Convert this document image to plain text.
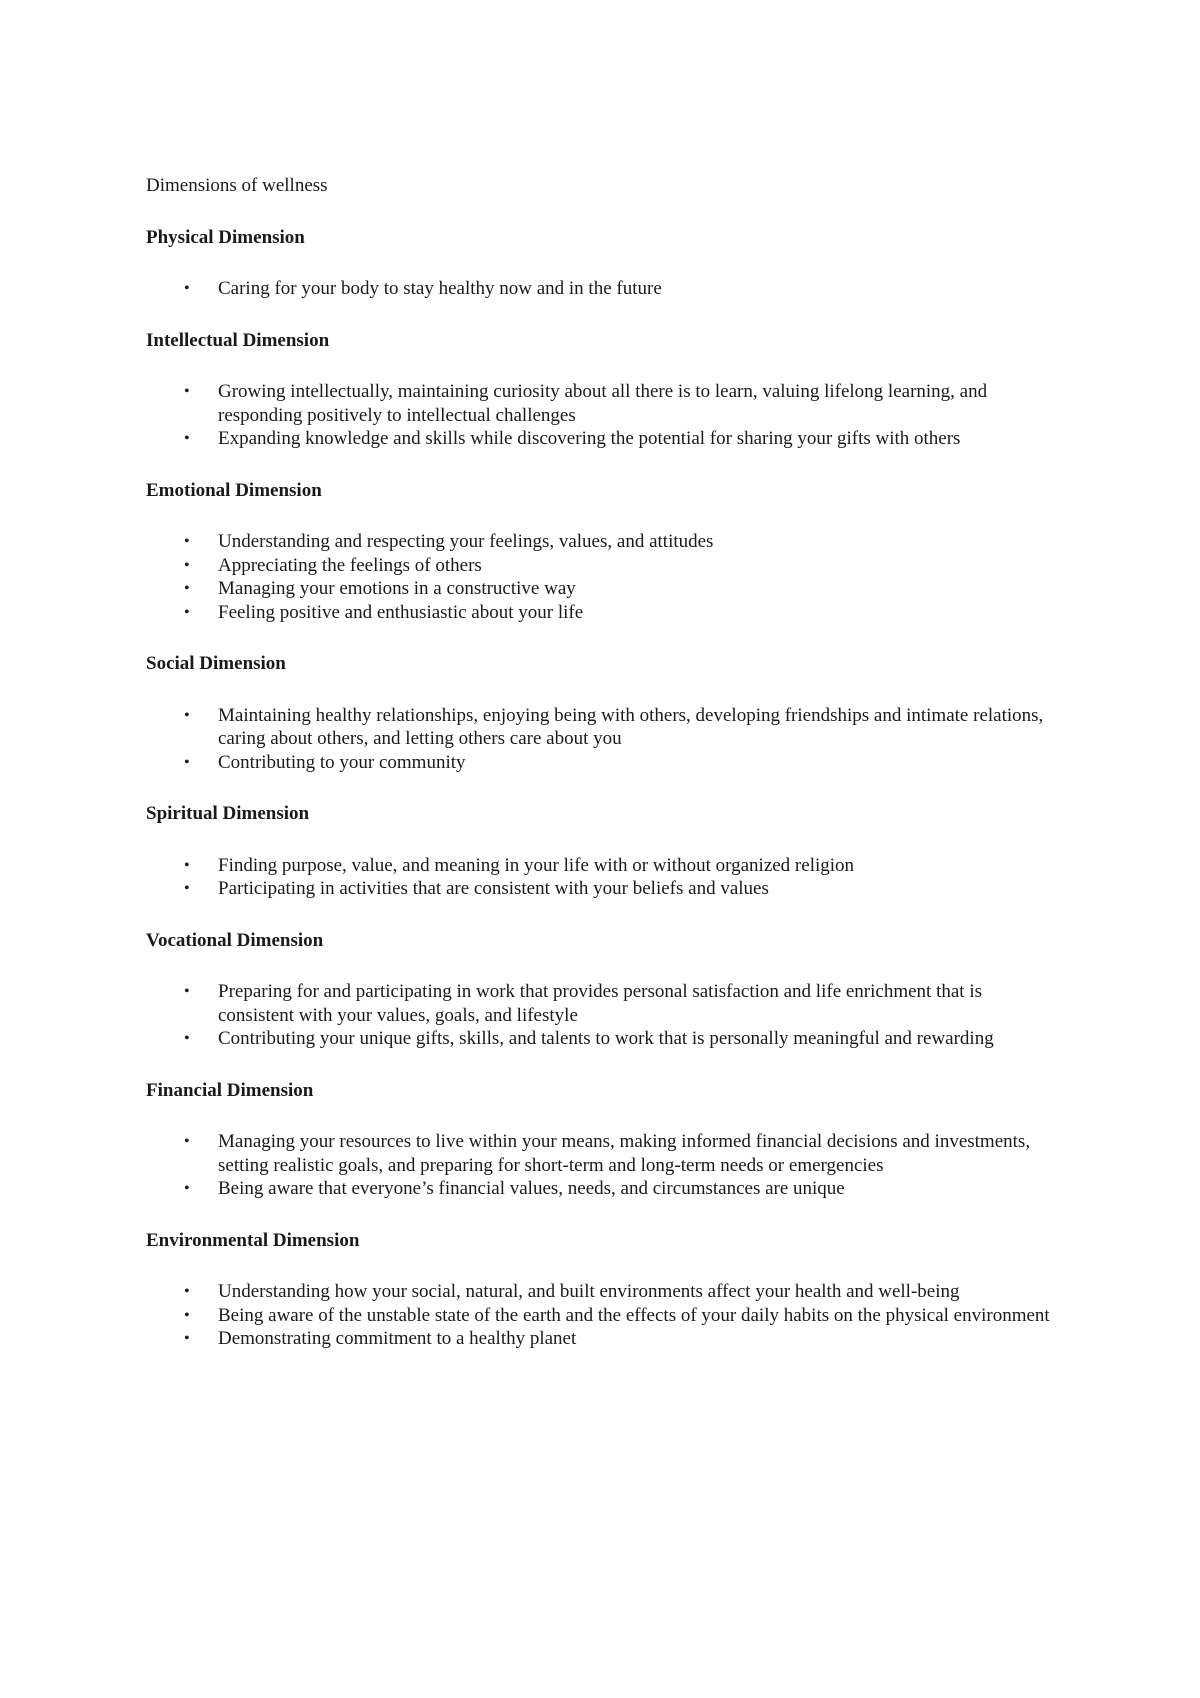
Dimensions of wellness

Physical Dimension

• Caring for your body to stay healthy now and in the future

Intellectual Dimension

• Growing intellectually, maintaining curiosity about all there is to learn, valuing lifelong learning, and responding positively to intellectual challenges
• Expanding knowledge and skills while discovering the potential for sharing your gifts with others

Emotional Dimension

• Understanding and respecting your feelings, values, and attitudes
• Appreciating the feelings of others
• Managing your emotions in a constructive way
• Feeling positive and enthusiastic about your life

Social Dimension

• Maintaining healthy relationships, enjoying being with others, developing friendships and intimate relations, caring about others, and letting others care about you
• Contributing to your community

Spiritual Dimension

• Finding purpose, value, and meaning in your life with or without organized religion
• Participating in activities that are consistent with your beliefs and values

Vocational Dimension

• Preparing for and participating in work that provides personal satisfaction and life enrichment that is consistent with your values, goals, and lifestyle
• Contributing your unique gifts, skills, and talents to work that is personally meaningful and rewarding

Financial Dimension

• Managing your resources to live within your means, making informed financial decisions and investments, setting realistic goals, and preparing for short-term and long-term needs or emergencies
• Being aware that everyone’s financial values, needs, and circumstances are unique

Environmental Dimension

• Understanding how your social, natural, and built environments affect your health and well-being
• Being aware of the unstable state of the earth and the effects of your daily habits on the physical environment
• Demonstrating commitment to a healthy planet
